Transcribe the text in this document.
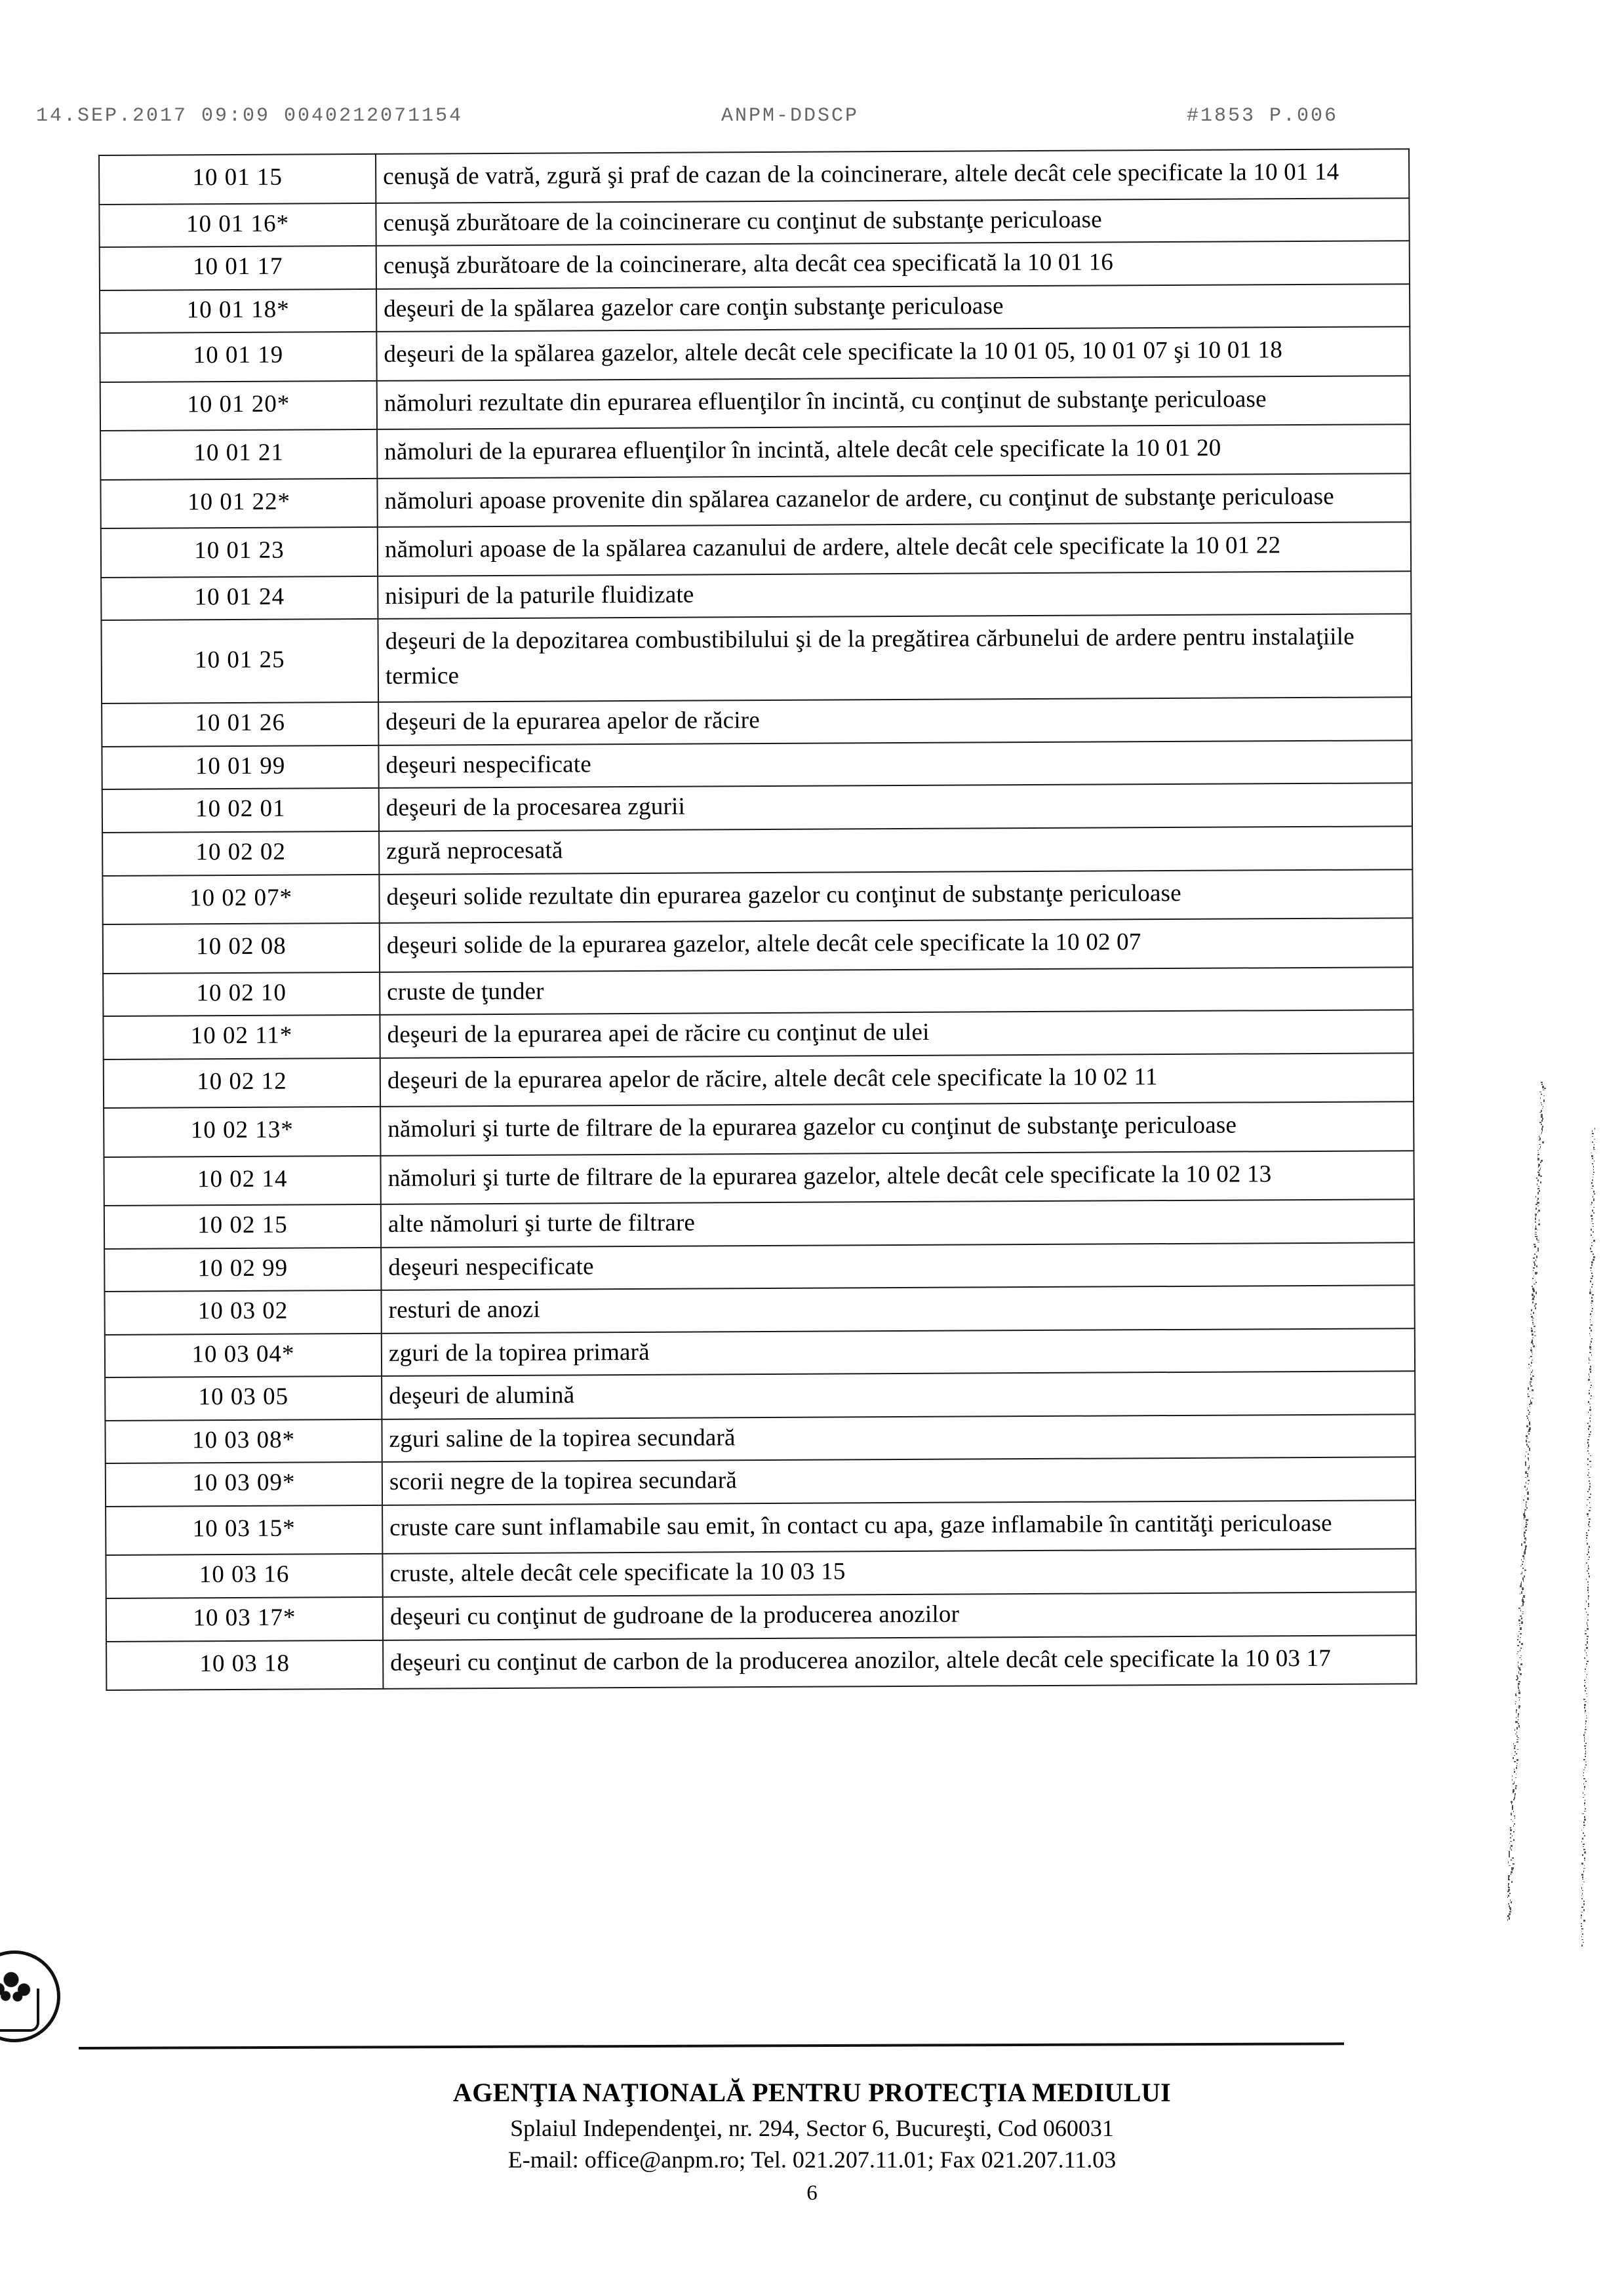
14.SEP.2017 09:09 0040212071154	ANPM-DDSCP	#1853 P.006
10 01 15	cenuşă de vatră, zgură şi praf de cazan de la coincinerare, altele decât cele specificate la 10 01 14
10 01 16*	cenuşă zburătoare de la coincinerare cu conţinut de substanţe periculoase
10 01 17	cenuşă zburătoare de la coincinerare, alta decât cea specificată la 10 01 16
10 01 18*	deşeuri de la spălarea gazelor care conţin substanţe periculoase
10 01 19	deşeuri de la spălarea gazelor, altele decât cele specificate la 10 01 05, 10 01 07 şi 10 01 18
10 01 20*	nămoluri rezultate din epurarea efluenţilor în incintă, cu conţinut de substanţe periculoase
10 01 21	nămoluri de la epurarea efluenţilor în incintă, altele decât cele specificate la 10 01 20
10 01 22*	nămoluri apoase provenite din spălarea cazanelor de ardere, cu conţinut de substanţe periculoase
10 01 23	nămoluri apoase de la spălarea cazanului de ardere, altele decât cele specificate la 10 01 22
10 01 24	nisipuri de la paturile fluidizate
10 01 25	deşeuri de la depozitarea combustibilului şi de la pregătirea cărbunelui de ardere pentru instalaţiile termice
10 01 26	deşeuri de la epurarea apelor de răcire
10 01 99	deşeuri nespecificate
10 02 01	deşeuri de la procesarea zgurii
10 02 02	zgură neprocesată
10 02 07*	deşeuri solide rezultate din epurarea gazelor cu conţinut de substanţe periculoase
10 02 08	deşeuri solide de la epurarea gazelor, altele decât cele specificate la 10 02 07
10 02 10	cruste de ţunder
10 02 11*	deşeuri de la epurarea apei de răcire cu conţinut de ulei
10 02 12	deşeuri de la epurarea apelor de răcire, altele decât cele specificate la 10 02 11
10 02 13*	nămoluri şi turte de filtrare de la epurarea gazelor cu conţinut de substanţe periculoase
10 02 14	nămoluri şi turte de filtrare de la epurarea gazelor, altele decât cele specificate la 10 02 13
10 02 15	alte nămoluri şi turte de filtrare
10 02 99	deşeuri nespecificate
10 03 02	resturi de anozi
10 03 04*	zguri de la topirea primară
10 03 05	deşeuri de alumină
10 03 08*	zguri saline de la topirea secundară
10 03 09*	scorii negre de la topirea secundară
10 03 15*	cruste care sunt inflamabile sau emit, în contact cu apa, gaze inflamabile în cantităţi periculoase
10 03 16	cruste, altele decât cele specificate la 10 03 15
10 03 17*	deşeuri cu conţinut de gudroane de la producerea anozilor
10 03 18	deşeuri cu conţinut de carbon de la producerea anozilor, altele decât cele specificate la 10 03 17
AGENŢIA NAŢIONALĂ PENTRU PROTECŢIA MEDIULUI
Splaiul Independenţei, nr. 294, Sector 6, Bucureşti, Cod 060031
E-mail: office@anpm.ro; Tel. 021.207.11.01; Fax 021.207.11.03
6
